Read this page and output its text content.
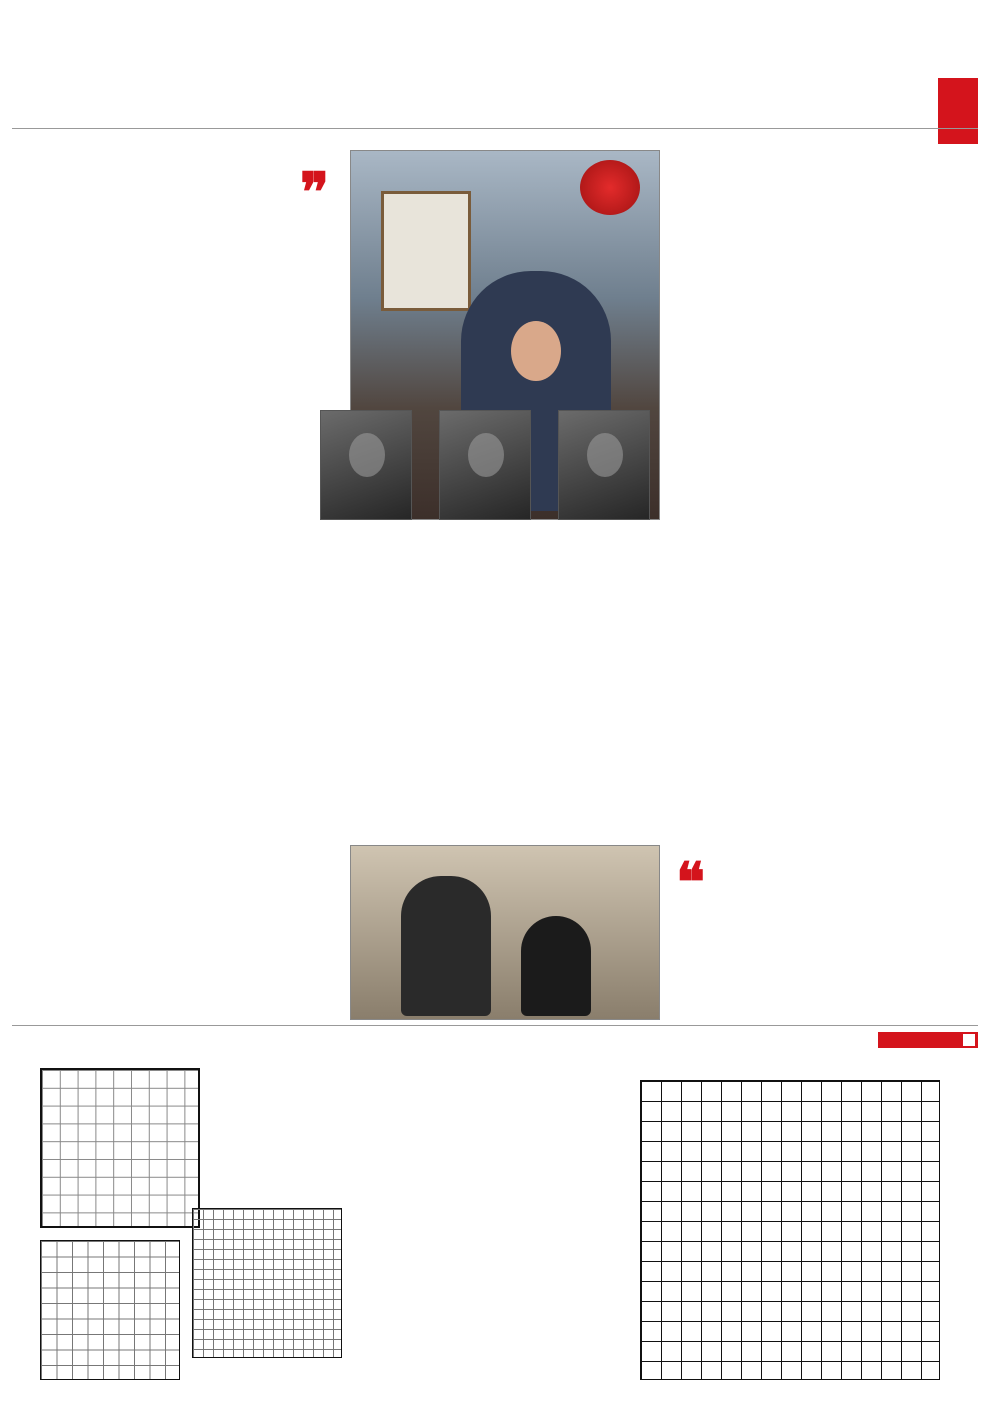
❞
❝
